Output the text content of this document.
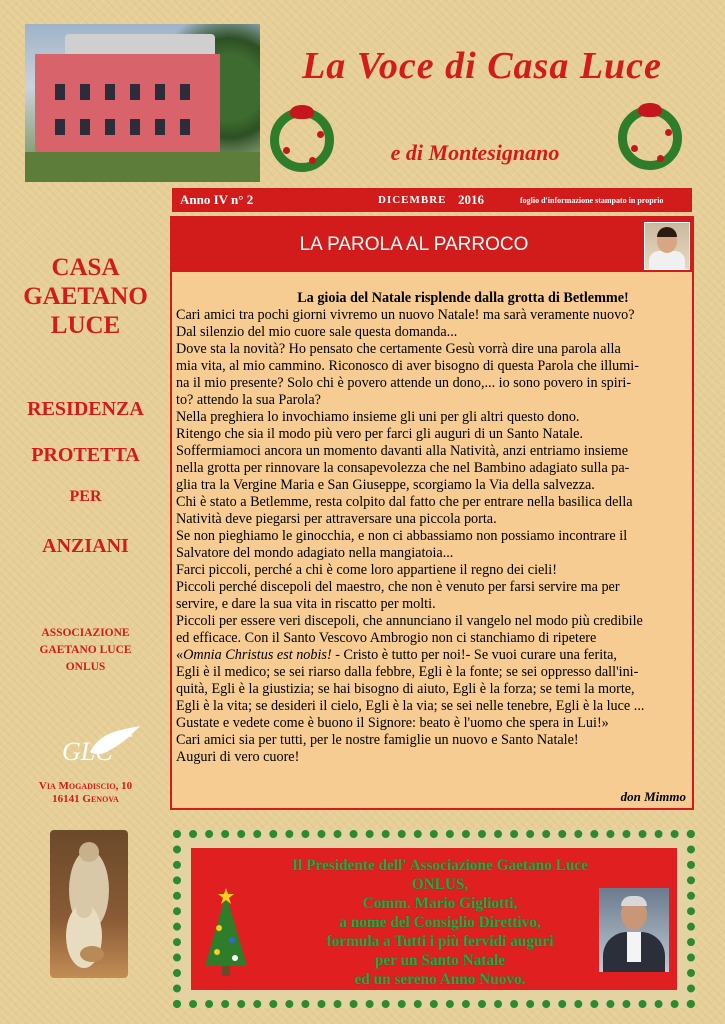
La Voce di Casa Luce
e di Montesignano
Anno IV n° 2	DICEMBRE 2016	foglio d'informazione stampato in proprio
CASA
GAETANO
LUCE
RESIDENZA
PROTETTA
PER
ANZIANI
ASSOCIAZIONE
GAETANO LUCE
ONLUS
GLC
Via Mogadiscio, 10
16141 Genova
LA PAROLA AL PARROCO

La gioia del Natale risplende dalla grotta di Betlemme!

Cari amici tra pochi giorni vivremo un nuovo Natale! ma sarà veramente nuovo?

Dal silenzio del mio cuore sale questa domanda...

Dove sta la novità? Ho pensato che certamente Gesù vorrà dire una parola alla

mia vita, al mio cammino. Riconosco di aver bisogno di questa Parola che illumi-

na il mio presente? Solo chi è povero attende un dono,... io sono povero in spiri-

to? attendo la sua Parola?

Nella preghiera lo invochiamo insieme gli uni per gli altri questo dono.

Ritengo che sia il modo più vero per farci gli auguri di un Santo Natale.

Soffermiamoci ancora un momento davanti alla Natività, anzi entriamo insieme

nella grotta per rinnovare la consapevolezza che nel Bambino adagiato sulla pa-

glia tra la Vergine Maria e San Giuseppe, scorgiamo la Via della salvezza.

Chi è stato a Betlemme, resta colpito dal fatto che per entrare nella basilica della

Natività deve piegarsi per attraversare una piccola porta.

Se non pieghiamo le ginocchia, e non ci abbassiamo non possiamo incontrare il

Salvatore del mondo adagiato nella mangiatoia...

Farci piccoli, perché a chi è come loro appartiene il regno dei cieli!

Piccoli perché discepoli del maestro, che non è venuto per farsi servire ma per

servire, e dare la sua vita in riscatto per molti.

Piccoli per essere veri discepoli, che annunciano il vangelo nel modo più credibile

ed efficace. Con il Santo Vescovo Ambrogio non ci stanchiamo di ripetere

«Omnia Christus est nobis! - Cristo è tutto per noi!- Se vuoi curare una ferita,

Egli è il medico; se sei riarso dalla febbre, Egli è la fonte; se sei oppresso dall'ini-

quità, Egli è la giustizia; se hai bisogno di aiuto, Egli è la forza; se temi la morte,

Egli è la vita; se desideri il cielo, Egli è la via; se sei nelle tenebre, Egli è la luce ...

Gustate e vedete come è buono il Signore: beato è l'uomo che spera in Lui!»

Cari amici sia per tutti, per le nostre famiglie un nuovo e Santo Natale!

Auguri di vero cuore!

don Mimmo
Il Presidente dell' Associazione Gaetano Luce ONLUS,
Comm. Mario Gigliotti,
a nome del Consiglio Direttivo,
formula a Tutti i più fervidi auguri
per un Santo Natale
ed un sereno Anno Nuovo.
